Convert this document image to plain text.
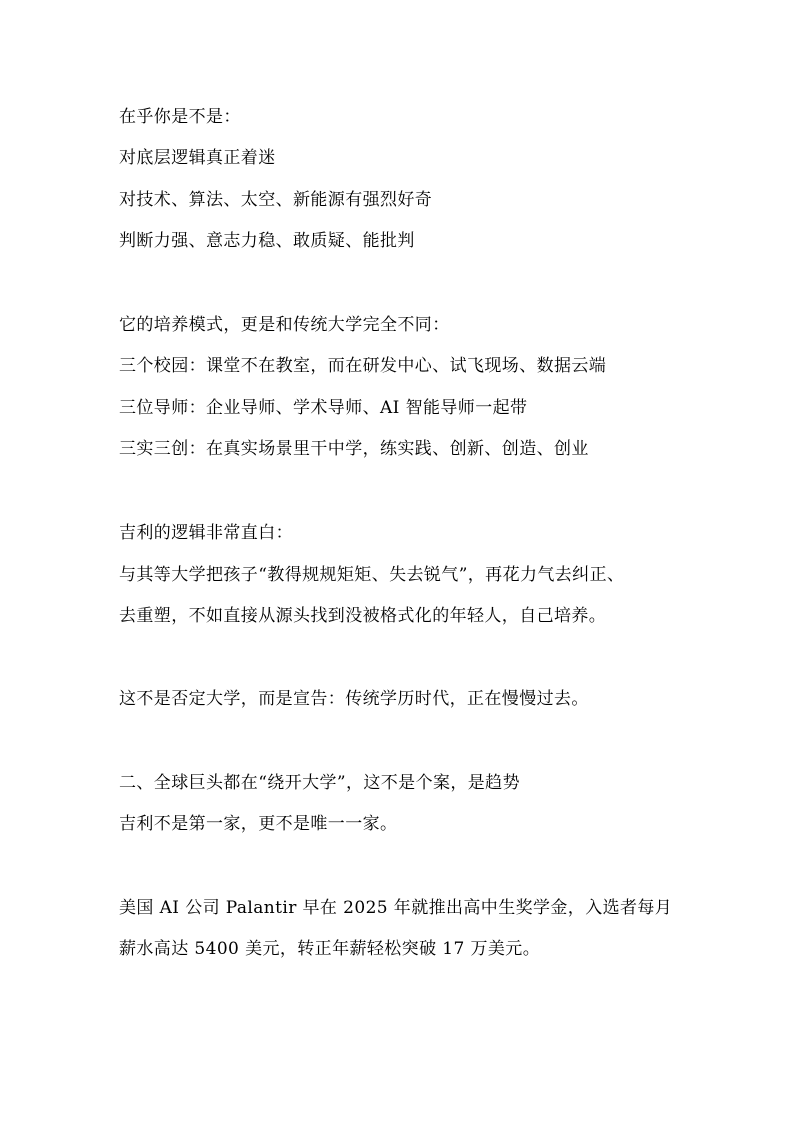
在乎你是不是：
对底层逻辑真正着迷
对技术、算法、太空、新能源有强烈好奇
判断力强、意志力稳、敢质疑、能批判
它的培养模式，更是和传统大学完全不同：
三个校园：课堂不在教室，而在研发中心、试飞现场、数据云端
三位导师：企业导师、学术导师、AI 智能导师一起带
三实三创：在真实场景里干中学，练实践、创新、创造、创业
吉利的逻辑非常直白：
与其等大学把孩子“教得规规矩矩、失去锐气”，再花力气去纠正、
去重塑，不如直接从源头找到没被格式化的年轻人，自己培养。
这不是否定大学，而是宣告：传统学历时代，正在慢慢过去。
二、全球巨头都在“绕开大学”，这不是个案，是趋势
吉利不是第一家，更不是唯一一家。
美国 AI 公司 Palantir 早在 2025 年就推出高中生奖学金，入选者每月
薪水高达 5400 美元，转正年薪轻松突破 17 万美元。
